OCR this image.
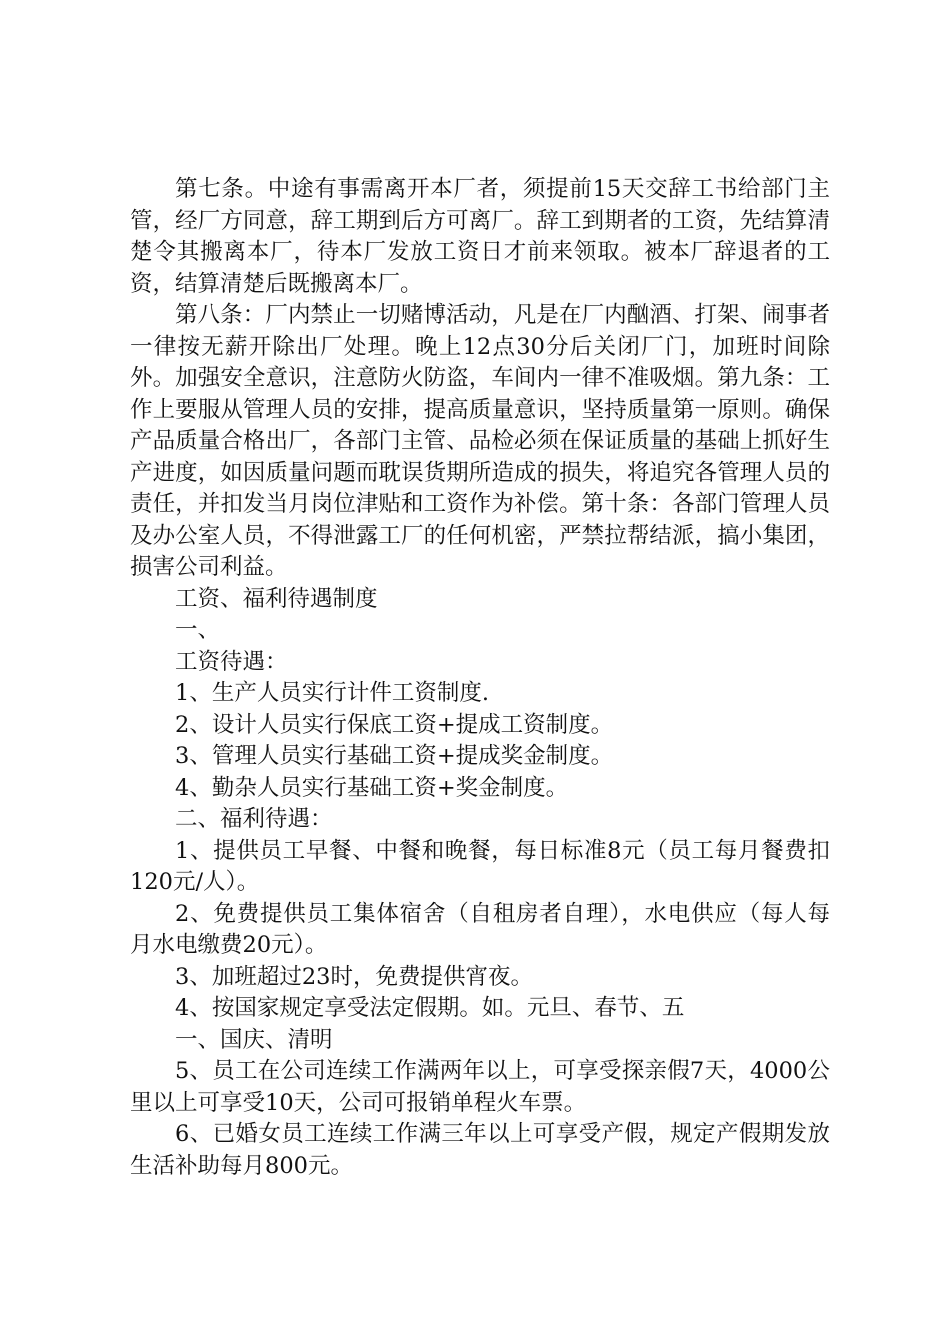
第七条。中途有事需离开本厂者，须提前15天交辞工书给部门主管，经厂方同意，辞工期到后方可离厂。辞工到期者的工资，先结算清楚令其搬离本厂，待本厂发放工资日才前来领取。被本厂辞退者的工资，结算清楚后既搬离本厂。

第八条：厂内禁止一切赌博活动，凡是在厂内酗酒、打架、闹事者一律按无薪开除出厂处理。晚上12点30分后关闭厂门，加班时间除外。加强安全意识，注意防火防盗，车间内一律不准吸烟。第九条：工作上要服从管理人员的安排，提高质量意识，坚持质量第一原则。确保产品质量合格出厂，各部门主管、品检必须在保证质量的基础上抓好生产进度，如因质量问题而耽误货期所造成的损失，将追究各管理人员的责任，并扣发当月岗位津贴和工资作为补偿。第十条：各部门管理人员及办公室人员，不得泄露工厂的任何机密，严禁拉帮结派，搞小集团，损害公司利益。

工资、福利待遇制度

一、

工资待遇：

1、生产人员实行计件工资制度.

2、设计人员实行保底工资+提成工资制度。

3、管理人员实行基础工资+提成奖金制度。

4、勤杂人员实行基础工资+奖金制度。

二、福利待遇：

1、提供员工早餐、中餐和晚餐，每日标准8元（员工每月餐费扣120元/人）。

2、免费提供员工集体宿舍（自租房者自理），水电供应（每人每月水电缴费20元）。

3、加班超过23时，免费提供宵夜。

4、按国家规定享受法定假期。如。元旦、春节、五

一、国庆、清明

5、员工在公司连续工作满两年以上，可享受探亲假7天，4000公里以上可享受10天，公司可报销单程火车票。

6、已婚女员工连续工作满三年以上可享受产假，规定产假期发放生活补助每月800元。
